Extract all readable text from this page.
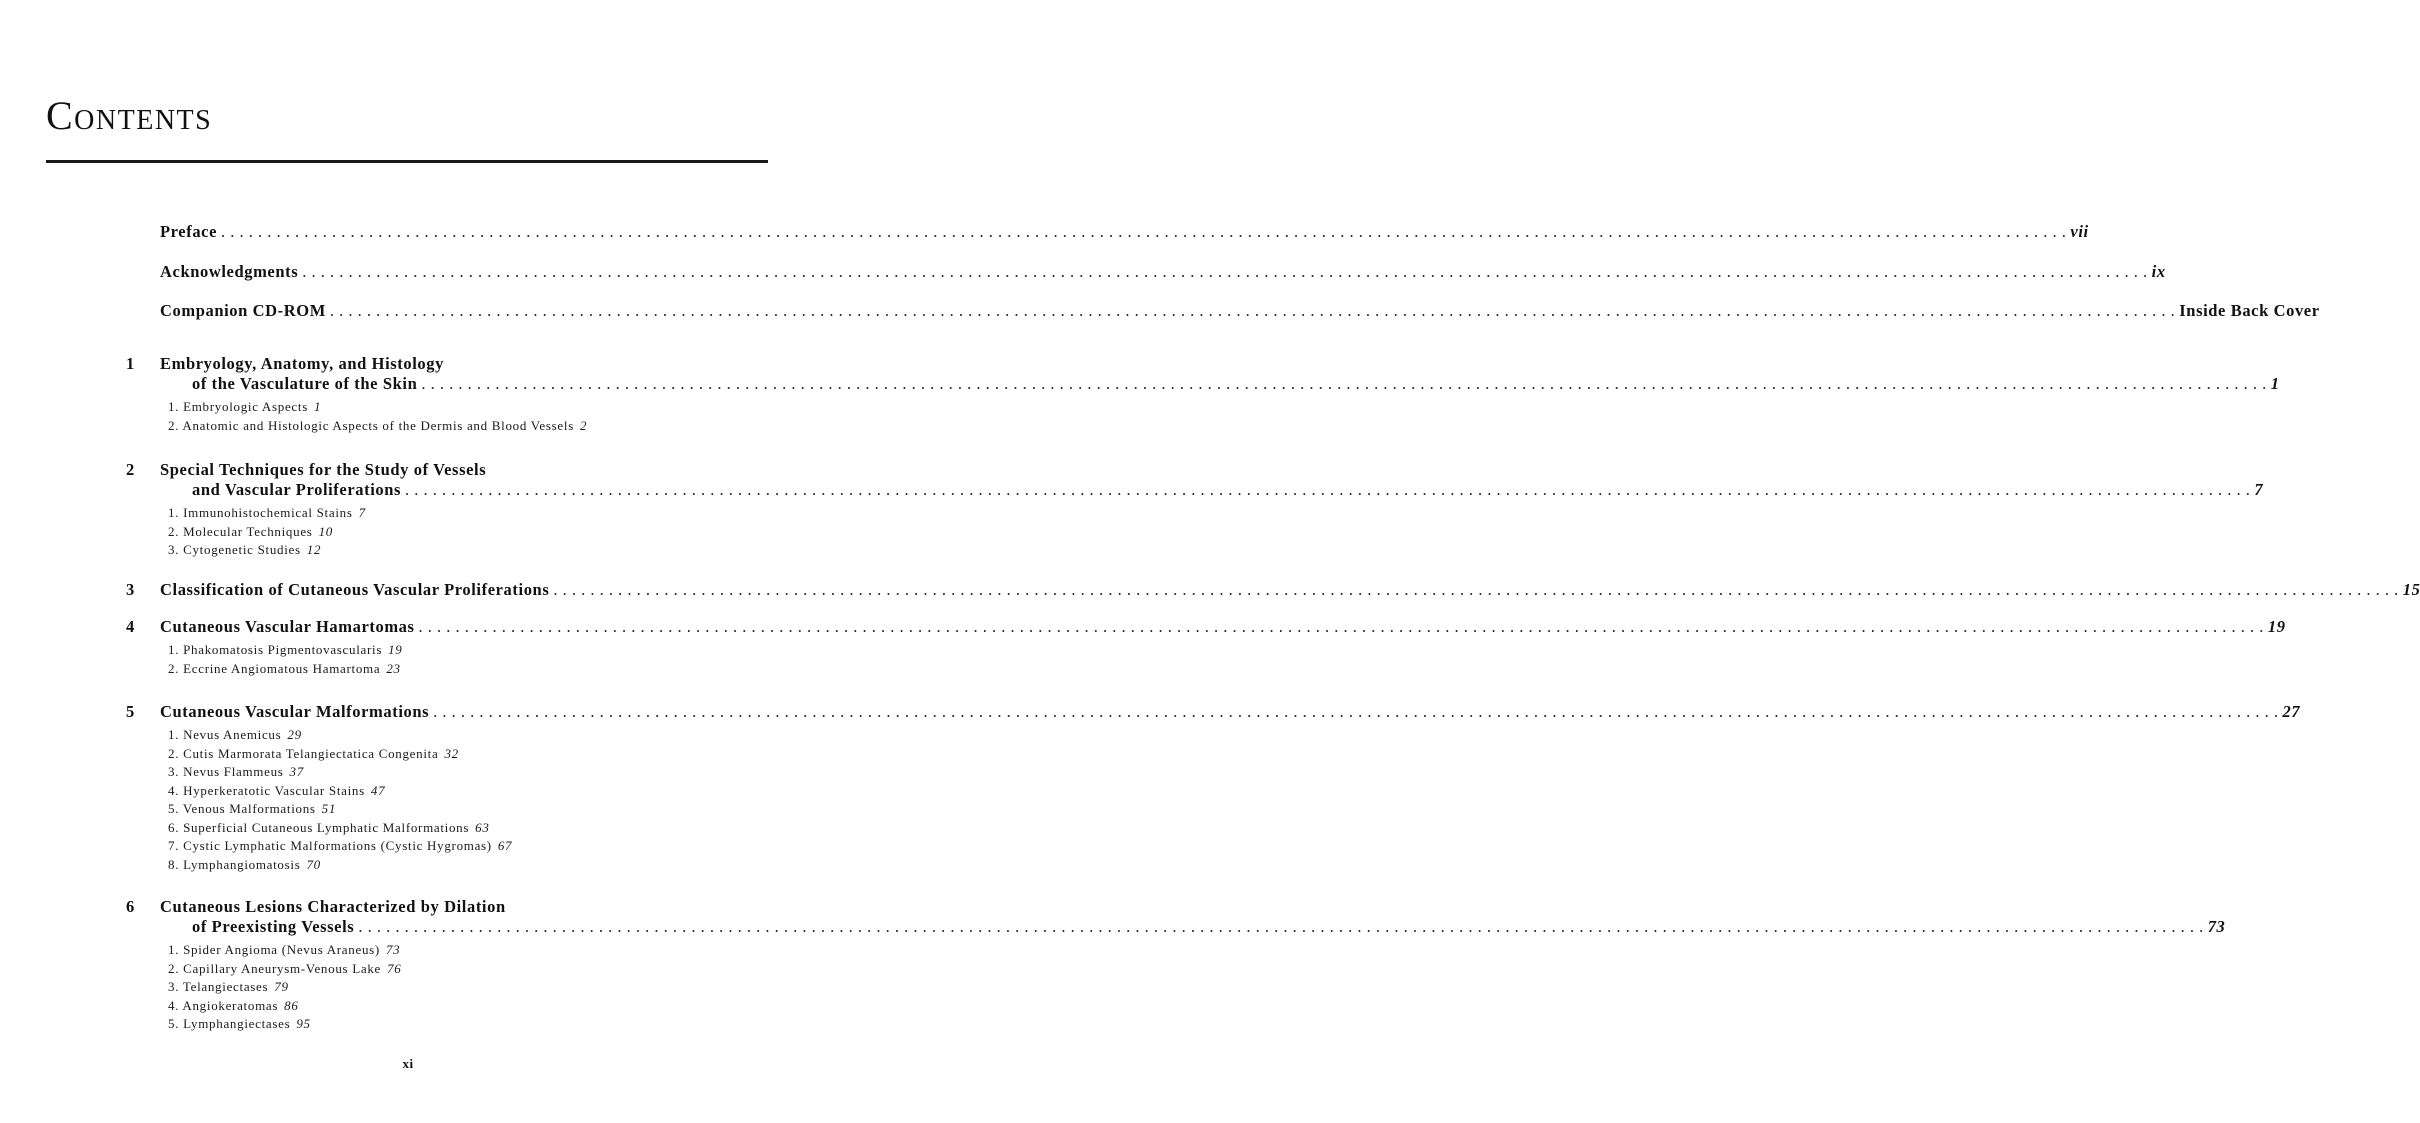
Contents
Preface . . . . . . . . . . . . . . . . . . . . . . . . . . . . . . . . . . . . . . . . . . . . . . . . . . . . . . . . . . . . . . . . . . . . . . . . . . . . . . . . . . . . . . . . . . . . . . . . . . . . . . . . . . . . . . . . . . . . . . . . . . . . . . . . . . . . . . . . . . . . . . . . . . . . . . . . . . . . . . . . . . . . . . . . . . . . . . . . . . . . . . . . . . . . . . . . . . . . . . . . vii
Acknowledgments . . . . . . . . . . . . . . . . . . . . . . . . . . . . . . . . . . . . . . . . . . . . . . . . . . . . . . . . . . . . . . . . . . . . . . . . . . . . . . . . . . . . . . . . . . . . . . . . . . . . . . . . . . . . . . . . . . . . . . . . . . . . . . . . . . . . . . . . . . . . . . . . . . . . . . . . . . . . . . . . . . . . . . . . . . . . . . . . . . . . . . . . . . . . . . . . . . . . . . . . ix
Companion CD-ROM . . . . . . . . . . . . . . . . . . . . . . . . . . . . . . . . . . . . . . . . . . . . . . . . . . . . . . . . . . . . . . . . . . . . . . . . . . . . . . . . . . . . . . . . . . . . . . . . . . . . . . . . . . . . . . . . . . . . . . . . . . . . . . . . . . . . . . . . . . . . . . . . . . . . . . . . . . . . . . . . . . . . . . . . . . . . . . . . . . . . . . . . . . . . . . . . . . . . . . . . Inside Back Cover
1 Embryology, Anatomy, and Histology
of the Vasculature of the Skin . . . . . . . . . . . . . . . . . . . . . . . . . . . . . . . . . . . . . . . . . . . . . . . . . . . . . . . . . . . . . . . . . . . . . . . . . . . . . . . . . . . . . . . . . . . . . . . . . . . . . . . . . . . . . . . . . . . . . . . . . . . . . . . . . . . . . . . . . . . . . . . . . . . . . . . . . . . . . . . . . . . . . . . . . . . . . . . . . . . . . . . . . . . . . . . . . . . . . . . . 1
1. Embryologic Aspects 1
2. Anatomic and Histologic Aspects of the Dermis and Blood Vessels 2
2 Special Techniques for the Study of Vessels
and Vascular Proliferations . . . . . . . . . . . . . . . . . . . . . . . . . . . . . . . . . . . . . . . . . . . . . . . . . . . . . . . . . . . . . . . . . . . . . . . . . . . . . . . . . . . . . . . . . . . . . . . . . . . . . . . . . . . . . . . . . . . . . . . . . . . . . . . . . . . . . . . . . . . . . . . . . . . . . . . . . . . . . . . . . . . . . . . . . . . . . . . . . . . . . . . . . . . . . . . . . . . . . . . . 7
1. Immunohistochemical Stains 7
2. Molecular Techniques 10
3. Cytogenetic Studies 12
3 Classification of Cutaneous Vascular Proliferations . . . . . . . . . . . . . . . . . . . . . . . . . . . . . . . . . . . . . . . . . . . . . . . . . . . . . . . . . . . . . . . . . . . . . . . . . . . . . . . . . . . . . . . . . . . . . . . . . . . . . . . . . . . . . . . . . . . . . . . . . . . . . . . . . . . . . . . . . . . . . . . . . . . . . . . . . . . . . . . . . . . . . . . . . . . . . . . . . . . . . . . . . . . . . . . . . . . . . . . . 15
4 Cutaneous Vascular Hamartomas . . . . . . . . . . . . . . . . . . . . . . . . . . . . . . . . . . . . . . . . . . . . . . . . . . . . . . . . . . . . . . . . . . . . . . . . . . . . . . . . . . . . . . . . . . . . . . . . . . . . . . . . . . . . . . . . . . . . . . . . . . . . . . . . . . . . . . . . . . . . . . . . . . . . . . . . . . . . . . . . . . . . . . . . . . . . . . . . . . . . . . . . . . . . . . . . . . . . . . . . 19
1. Phakomatosis Pigmentovascularis 19
2. Eccrine Angiomatous Hamartoma 23
5 Cutaneous Vascular Malformations . . . . . . . . . . . . . . . . . . . . . . . . . . . . . . . . . . . . . . . . . . . . . . . . . . . . . . . . . . . . . . . . . . . . . . . . . . . . . . . . . . . . . . . . . . . . . . . . . . . . . . . . . . . . . . . . . . . . . . . . . . . . . . . . . . . . . . . . . . . . . . . . . . . . . . . . . . . . . . . . . . . . . . . . . . . . . . . . . . . . . . . . . . . . . . . . . . . . . . . . 27
1. Nevus Anemicus 29
2. Cutis Marmorata Telangiectatica Congenita 32
3. Nevus Flammeus 37
4. Hyperkeratotic Vascular Stains 47
5. Venous Malformations 51
6. Superficial Cutaneous Lymphatic Malformations 63
7. Cystic Lymphatic Malformations (Cystic Hygromas) 67
8. Lymphangiomatosis 70
6 Cutaneous Lesions Characterized by Dilation
of Preexisting Vessels . . . . . . . . . . . . . . . . . . . . . . . . . . . . . . . . . . . . . . . . . . . . . . . . . . . . . . . . . . . . . . . . . . . . . . . . . . . . . . . . . . . . . . . . . . . . . . . . . . . . . . . . . . . . . . . . . . . . . . . . . . . . . . . . . . . . . . . . . . . . . . . . . . . . . . . . . . . . . . . . . . . . . . . . . . . . . . . . . . . . . . . . . . . . . . . . . . . . . . . . 73
1. Spider Angioma (Nevus Araneus) 73
2. Capillary Aneurysm-Venous Lake 76
3. Telangiectases 79
4. Angiokeratomas 86
5. Lymphangiectases 95
xi
